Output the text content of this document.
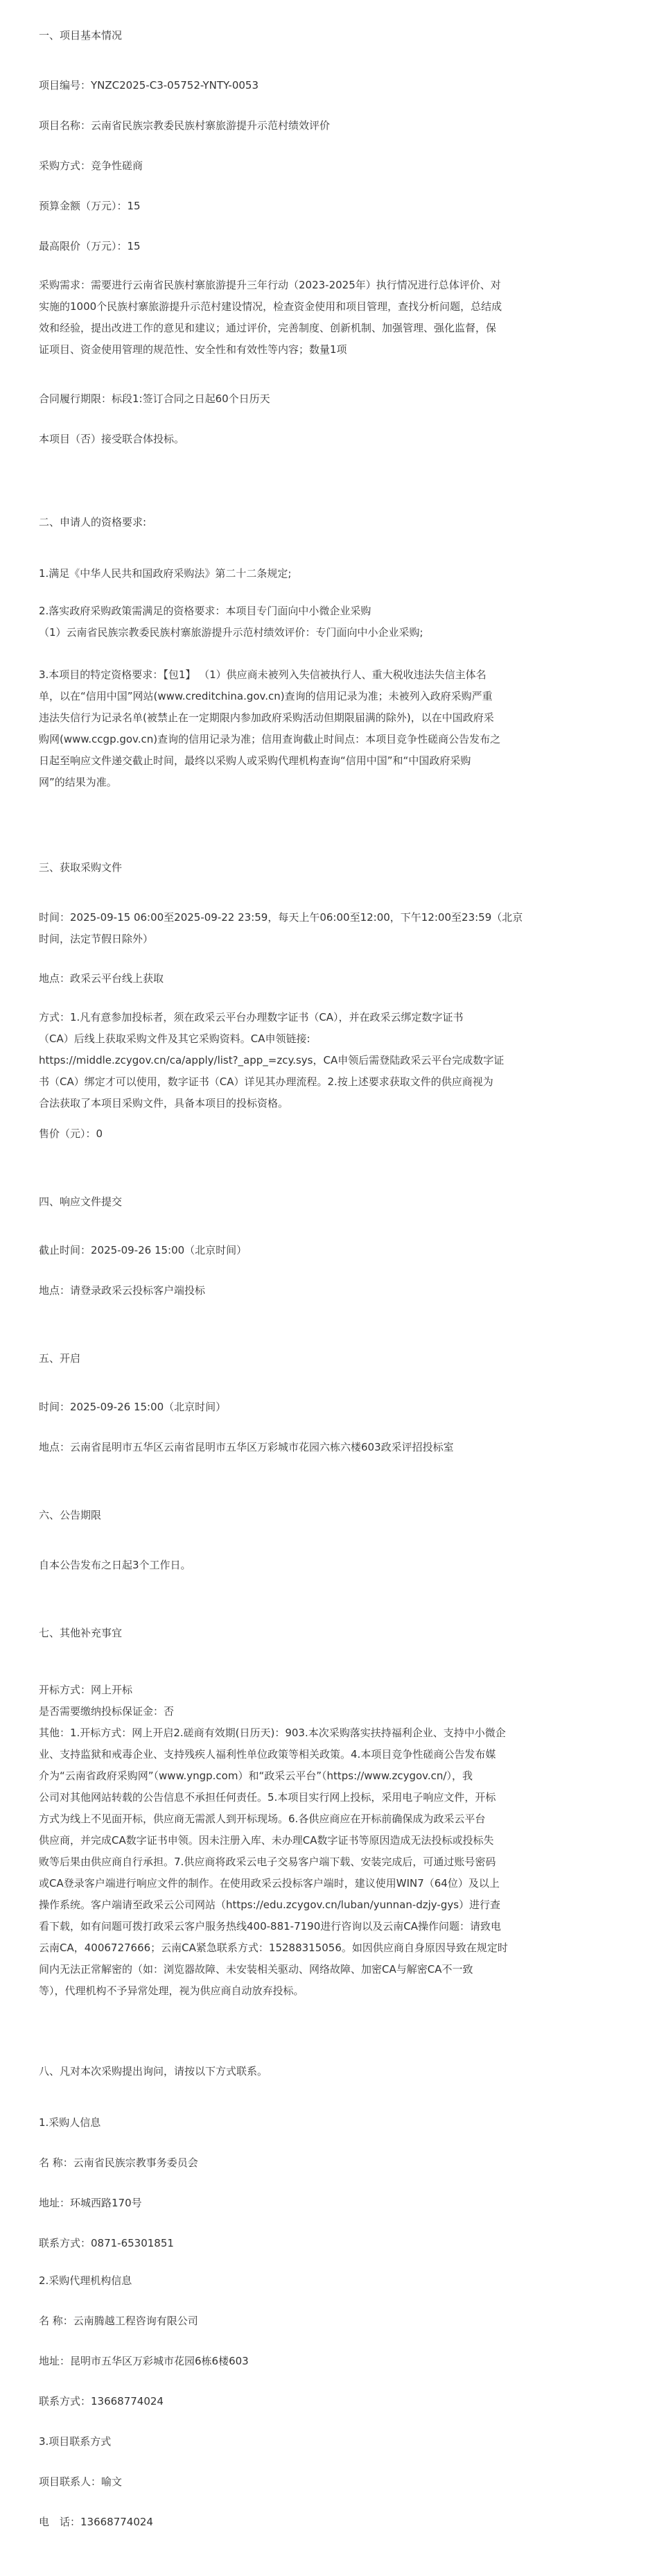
一、项目基本情况

项目编号：YNZC2025-C3-05752-YNTY-0053

项目名称：云南省民族宗教委民族村寨旅游提升示范村绩效评价

采购方式：竞争性磋商

预算金额（万元）：15

最高限价（万元）：15

采购需求：需要进行云南省民族村寨旅游提升三年行动（2023-2025年）执行情况进行总体评价、对
实施的1000个民族村寨旅游提升示范村建设情况，检查资金使用和项目管理，查找分析问题，总结成
效和经验，提出改进工作的意见和建议；通过评价，完善制度、创新机制、加强管理、强化监督，保
证项目、资金使用管理的规范性、安全性和有效性等内容；数量1项

合同履行期限：标段1:签订合同之日起60个日历天

本项目（否）接受联合体投标。

二、申请人的资格要求:

1.满足《中华人民共和国政府采购法》第二十二条规定;

2.落实政府采购政策需满足的资格要求：本项目专门面向中小微企业采购
（1）云南省民族宗教委民族村寨旅游提升示范村绩效评价：专门面向中小企业采购;
3.本项目的特定资格要求：【包1】 （1）供应商未被列入失信被执行人、重大税收违法失信主体名
单，以在“信用中国”网站(www.creditchina.gov.cn)查询的信用记录为准；未被列入政府采购严重
违法失信行为记录名单(被禁止在一定期限内参加政府采购活动但期限届满的除外)，以在中国政府采
购网(www.ccgp.gov.cn)查询的信用记录为准；信用查询截止时间点：本项目竞争性磋商公告发布之
日起至响应文件递交截止时间，最终以采购人或采购代理机构查询“信用中国”和“中国政府采购
网”的结果为准。

三、获取采购文件

时间：2025-09-15 06:00至2025-09-22 23:59，每天上午06:00至12:00，下午12:00至23:59（北京
时间，法定节假日除外）

地点：政采云平台线上获取

方式：1.凡有意参加投标者，须在政采云平台办理数字证书（CA），并在政采云绑定数字证书
（CA）后线上获取采购文件及其它采购资料。CA申领链接:
https://middle.zcygov.cn/ca/apply/list?_app_=zcy.sys，CA申领后需登陆政采云平台完成数字证
书（CA）绑定才可以使用，数字证书（CA）详见其办理流程。2.按上述要求获取文件的供应商视为
合法获取了本项目采购文件，具备本项目的投标资格。

售价（元）：0

四、响应文件提交

截止时间：2025-09-26 15:00（北京时间）

地点：请登录政采云投标客户端投标

五、开启

时间：2025-09-26 15:00（北京时间）

地点：云南省昆明市五华区云南省昆明市五华区万彩城市花园六栋六楼603政采评招投标室

六、公告期限

自本公告发布之日起3个工作日。

七、其他补充事宜

开标方式：网上开标

是否需要缴纳投标保证金：否

其他：1.开标方式：网上开启2.磋商有效期(日历天)：903.本次采购落实扶持福利企业、支持中小微企
业、支持监狱和戒毒企业、支持残疾人福利性单位政策等相关政策。4.本项目竞争性磋商公告发布媒
介为“云南省政府采购网”（www.yngp.com）和“政采云平台”（https://www.zcygov.cn/），我
公司对其他网站转载的公告信息不承担任何责任。5.本项目实行网上投标，采用电子响应文件，开标
方式为线上不见面开标，供应商无需派人到开标现场。6.各供应商应在开标前确保成为政采云平台
供应商，并完成CA数字证书申领。因未注册入库、未办理CA数字证书等原因造成无法投标或投标失
败等后果由供应商自行承担。7.供应商将政采云电子交易客户端下载、安装完成后，可通过账号密码
或CA登录客户端进行响应文件的制作。在使用政采云投标客户端时，建议使用WIN7（64位）及以上
操作系统。客户端请至政采云公司网站（https://edu.zcygov.cn/luban/yunnan-dzjy-gys）进行查
看下载，如有问题可拨打政采云客户服务热线400-881-7190进行咨询以及云南CA操作问题：请致电
云南CA，4006727666；云南CA紧急联系方式：15288315056。如因供应商自身原因导致在规定时
间内无法正常解密的（如：浏览器故障、未安装相关驱动、网络故障、加密CA与解密CA不一致
等），代理机构不予异常处理，视为供应商自动放弃投标。

八、凡对本次采购提出询问，请按以下方式联系。

1.采购人信息

名 称：云南省民族宗教事务委员会

地址：环城西路170号

联系方式：0871-65301851

2.采购代理机构信息

名 称：云南腾越工程咨询有限公司

地址：昆明市五华区万彩城市花园6栋6楼603

联系方式：13668774024

3.项目联系方式

项目联系人：喻文

电　话：13668774024
